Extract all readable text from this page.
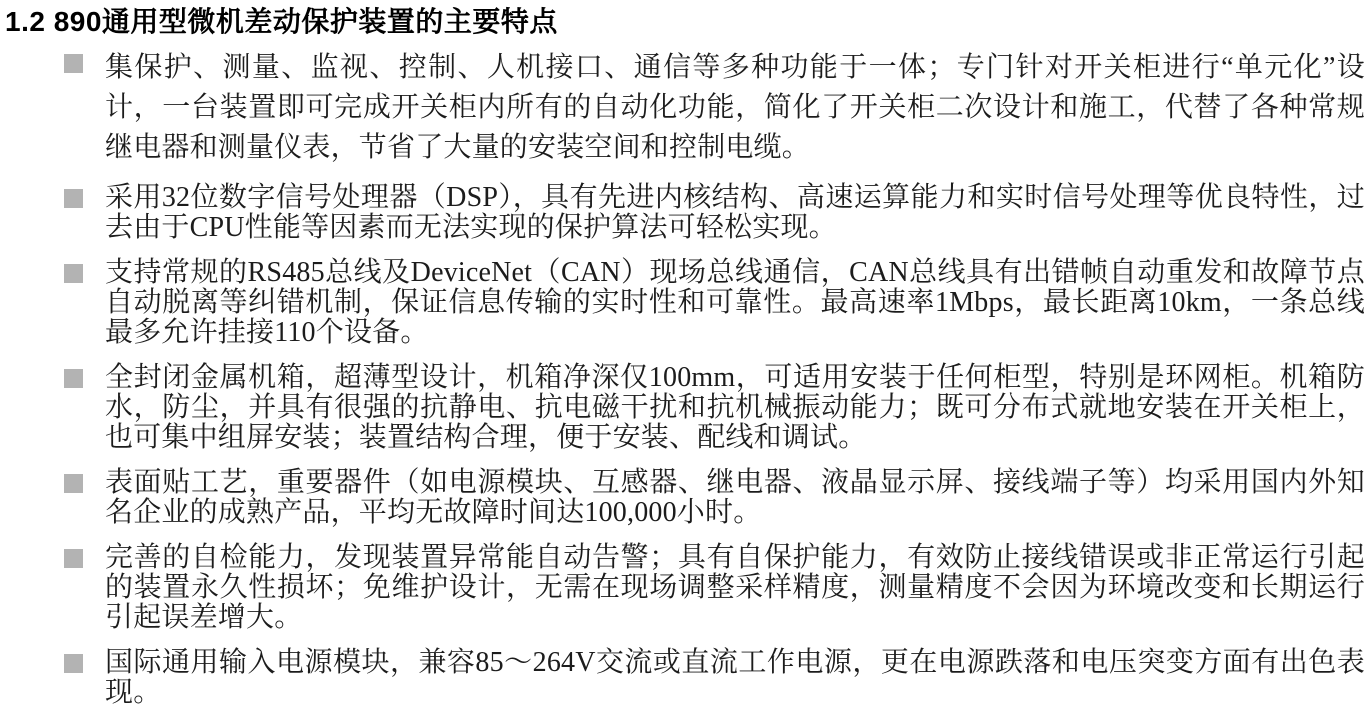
1.2 890通用型微机差动保护装置的主要特点

集保护、测量、监视、控制、人机接口、通信等多种功能于一体；专门针对开关柜进行“单元化”设计，一台装置即可完成开关柜内所有的自动化功能，简化了开关柜二次设计和施工，代替了各种常规继电器和测量仪表，节省了大量的安装空间和控制电缆。

采用32位数字信号处理器（DSP），具有先进内核结构、高速运算能力和实时信号处理等优良特性，过去由于CPU性能等因素而无法实现的保护算法可轻松实现。

支持常规的RS485总线及DeviceNet（CAN）现场总线通信，CAN总线具有出错帧自动重发和故障节点自动脱离等纠错机制，保证信息传输的实时性和可靠性。最高速率1Mbps，最长距离10km，一条总线最多允许挂接110个设备。

全封闭金属机箱，超薄型设计，机箱净深仅100mm，可适用安装于任何柜型，特别是环网柜。机箱防水，防尘，并具有很强的抗静电、抗电磁干扰和抗机械振动能力；既可分布式就地安装在开关柜上，也可集中组屏安装；装置结构合理，便于安装、配线和调试。

表面贴工艺，重要器件（如电源模块、互感器、继电器、液晶显示屏、接线端子等）均采用国内外知名企业的成熟产品，平均无故障时间达100,000小时。

完善的自检能力，发现装置异常能自动告警；具有自保护能力，有效防止接线错误或非正常运行引起的装置永久性损坏；免维护设计，无需在现场调整采样精度，测量精度不会因为环境改变和长期运行引起误差增大。

国际通用输入电源模块，兼容85～264V交流或直流工作电源，更在电源跌落和电压突变方面有出色表现。
